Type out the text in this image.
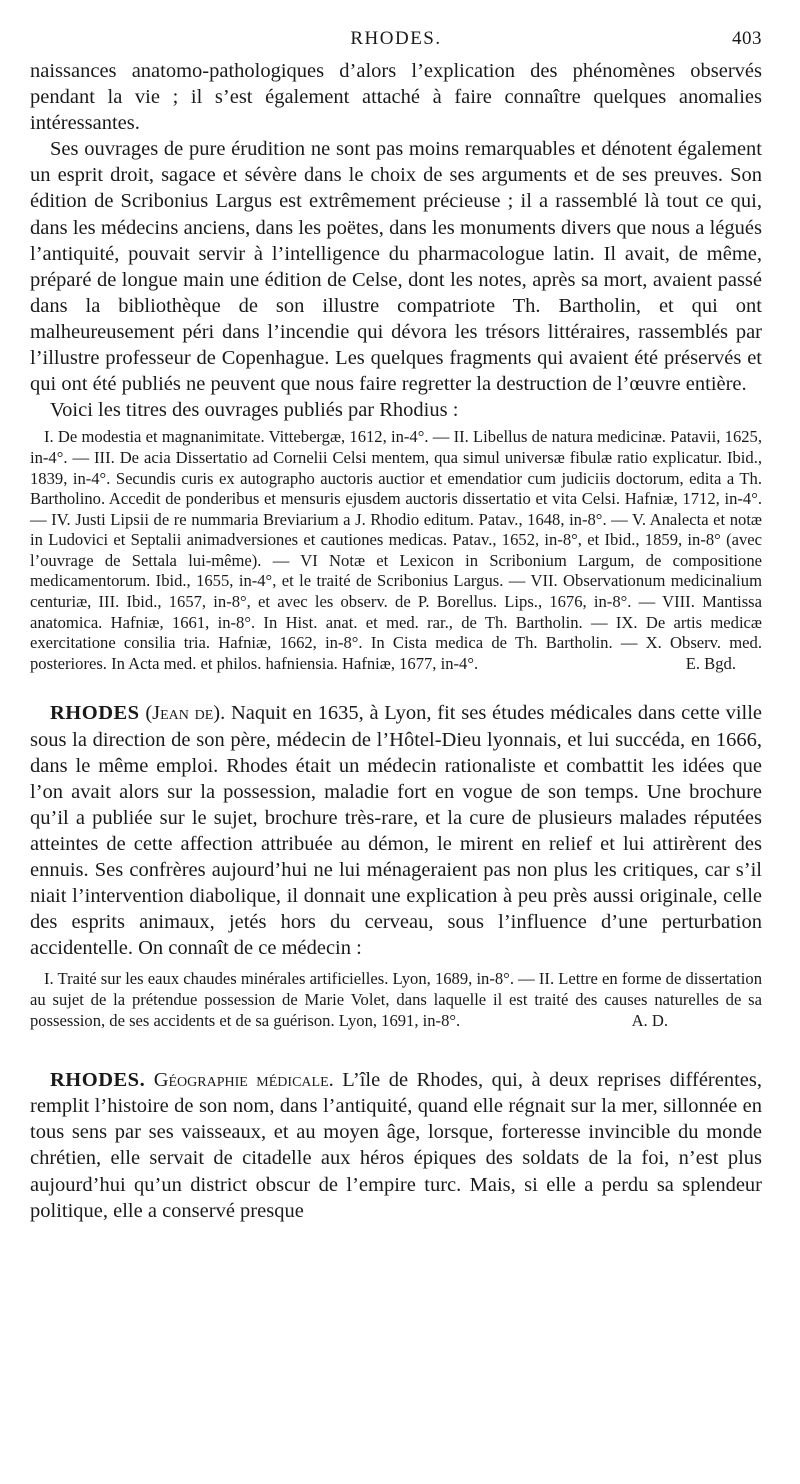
RHODES.	403

naissances anatomo-pathologiques d’alors l’explication des phénomènes observés pendant la vie ; il s’est également attaché à faire connaître quelques anomalies intéressantes.

Ses ouvrages de pure érudition ne sont pas moins remarquables et dénotent également un esprit droit, sagace et sévère dans le choix de ses arguments et de ses preuves. Son édition de Scribonius Largus est extrêmement précieuse ; il a rassemblé là tout ce qui, dans les médecins anciens, dans les poëtes, dans les monuments divers que nous a légués l’antiquité, pouvait servir à l’intelligence du pharmacologue latin. Il avait, de même, préparé de longue main une édition de Celse, dont les notes, après sa mort, avaient passé dans la bibliothèque de son illustre compatriote Th. Bartholin, et qui ont malheureusement péri dans l’incendie qui dévora les trésors littéraires, rassemblés par l’illustre professeur de Copenhague. Les quelques fragments qui avaient été préservés et qui ont été publiés ne peuvent que nous faire regretter la destruction de l’œuvre entière.

Voici les titres des ouvrages publiés par Rhodius :

I. De modestia et magnanimitate. Vittebergæ, 1612, in-4°. — II. Libellus de natura medicinæ. Patavii, 1625, in-4°. — III. De acia Dissertatio ad Cornelii Celsi mentem, qua simul universæ fibulæ ratio explicatur. Ibid., 1839, in-4°. Secundis curis ex autographo auctoris auctior et emendatior cum judiciis doctorum, edita a Th. Bartholino. Accedit de ponderibus et mensuris ejusdem auctoris dissertatio et vita Celsi. Hafniæ, 1712, in-4°. — IV. Justi Lipsii de re nummaria Breviarium a J. Rhodio editum. Patav., 1648, in-8°. — V. Analecta et notæ in Ludovici et Septalii animadversiones et cautiones medicas. Patav., 1652, in-8°, et Ibid., 1859, in-8° (avec l’ouvrage de Settala lui-même). — VI Notæ et Lexicon in Scribonium Largum, de compositione medicamentorum. Ibid., 1655, in-4°, et le traité de Scribonius Largus. — VII. Observationum medicinalium centuriæ, III. Ibid., 1657, in-8°, et avec les observ. de P. Borellus. Lips., 1676, in-8°. — VIII. Mantissa anatomica. Hafniæ, 1661, in-8°. In Hist. anat. et med. rar., de Th. Bartholin. — IX. De artis medicæ exercitatione consilia tria. Hafniæ, 1662, in-8°. In Cista medica de Th. Bartholin. — X. Observ. med. posteriores. In Acta med. et philos. hafniensia. Hafniæ, 1677, in-4°.	E. Bgd.

RHODES (Jean de). Naquit en 1635, à Lyon, fit ses études médicales dans cette ville sous la direction de son père, médecin de l’Hôtel-Dieu lyonnais, et lui succéda, en 1666, dans le même emploi. Rhodes était un médecin rationaliste et combattit les idées que l’on avait alors sur la possession, maladie fort en vogue de son temps. Une brochure qu’il a publiée sur le sujet, brochure très-rare, et la cure de plusieurs malades réputées atteintes de cette affection attribuée au démon, le mirent en relief et lui attirèrent des ennuis. Ses confrères aujourd’hui ne lui ménageraient pas non plus les critiques, car s’il niait l’intervention diabolique, il donnait une explication à peu près aussi originale, celle des esprits animaux, jetés hors du cerveau, sous l’influence d’une perturbation accidentelle. On connaît de ce médecin :

I. Traité sur les eaux chaudes minérales artificielles. Lyon, 1689, in-8°. — II. Lettre en forme de dissertation au sujet de la prétendue possession de Marie Volet, dans laquelle il est traité des causes naturelles de sa possession, de ses accidents et de sa guérison. Lyon, 1691, in-8°.	A. D.

RHODES. Géographie médicale. L’île de Rhodes, qui, à deux reprises différentes, remplit l’histoire de son nom, dans l’antiquité, quand elle régnait sur la mer, sillonnée en tous sens par ses vaisseaux, et au moyen âge, lorsque, forteresse invincible du monde chrétien, elle servait de citadelle aux héros épiques des soldats de la foi, n’est plus aujourd’hui qu’un district obscur de l’empire turc. Mais, si elle a perdu sa splendeur politique, elle a conservé presque
